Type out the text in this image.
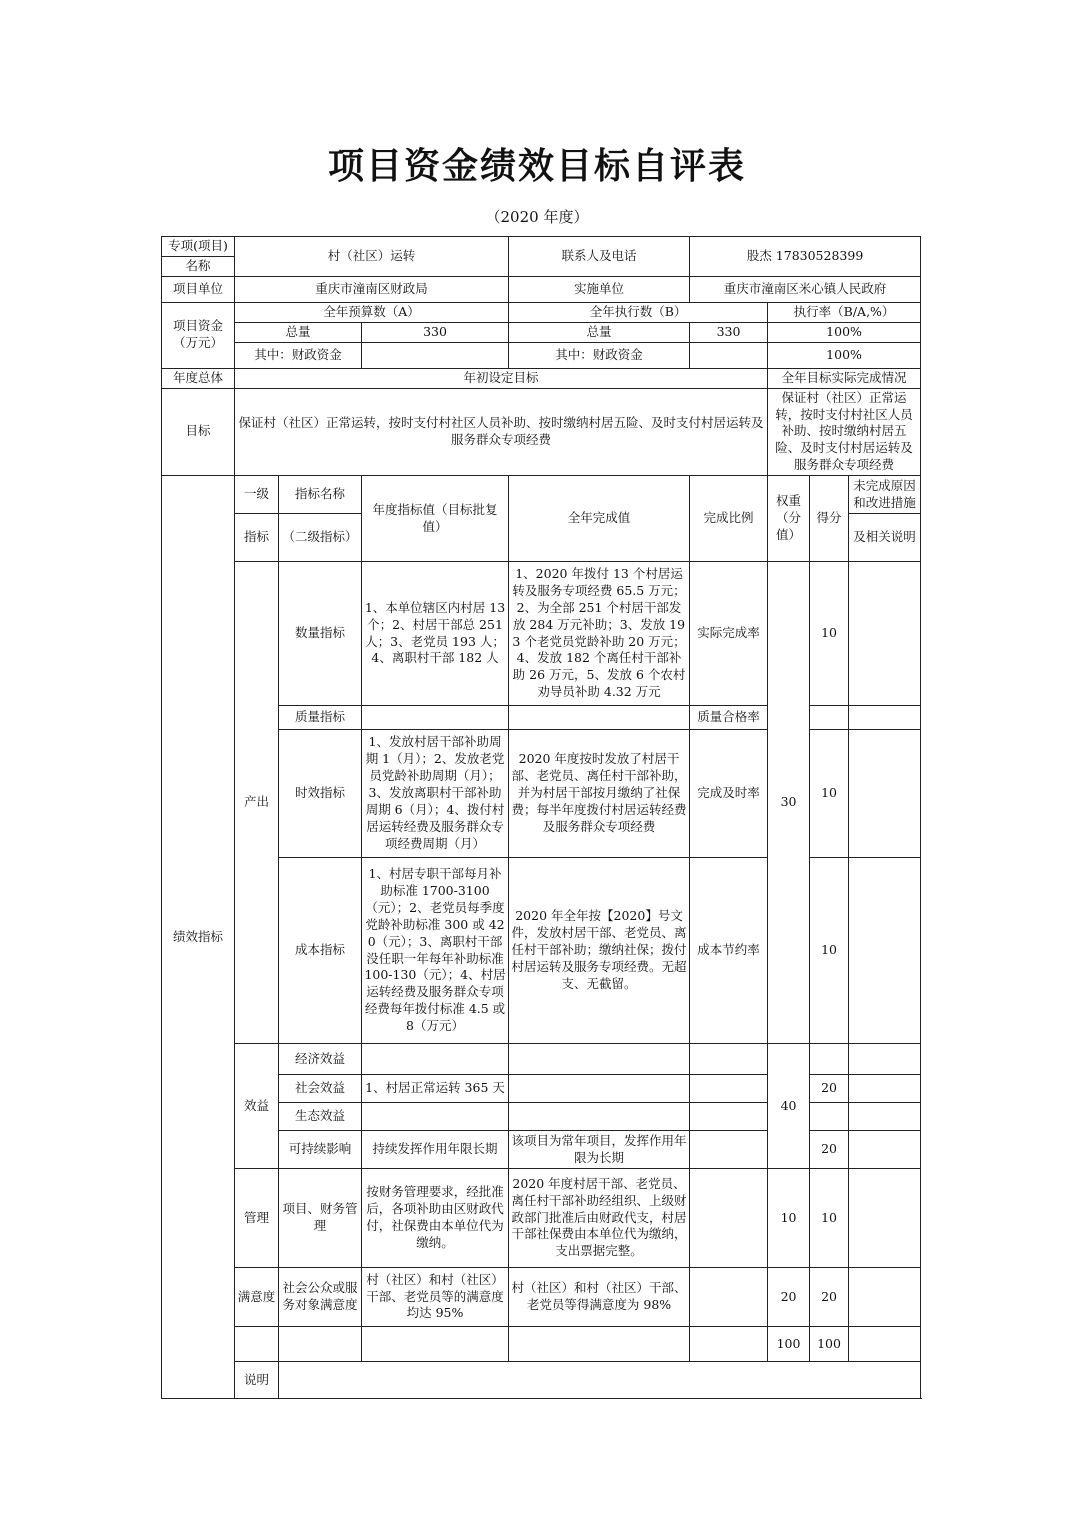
项目资金绩效目标自评表
（2020 年度）
专项(项目)	村（社区）运转			联系人及电话	股杰 17830528399			
名称								
项目单位	重庆市潼南区财政局			实施单位	重庆市潼南区米心镇人民政府			
项目资金
（万元）	全年预算数（A）			全年执行数（B）		执行率（B/A,%）		
	总量		330	总量	330	100%		
	其中：财政资金			其中：财政资金		100%		
年度总体	年初设定目标					全年目标实际完成情况		
目标	保证村（社区）正常运转，按时支付村社区人员补助、按时缴纳村居五险、及时支付村居运转及服务群众专项经费					保证村（社区）正常运转，按时支付村社区人员补助、按时缴纳村居五险、及时支付村居运转及服务群众专项经费		
绩效指标	一级	指标名称	年度指标值（目标批复值）	全年完成值	完成比例	权重（分值）	得分	未完成原因和改进措施
	指标	（二级指标）						及相关说明
	产出	数量指标	1、本单位辖区内村居 13 个；2、村居干部总 251 人；3、老党员 193 人；4、离职村干部 182 人	1、2020 年拨付 13 个村居运转及服务专项经费 65.5 万元；2、为全部 251 个村居干部发放 284 万元补助；3、发放 193 个老党员党龄补助 20 万元；4、发放 182 个离任村干部补助 26 万元，5、发放 6 个农村劝导员补助 4.32 万元	实际完成率	30	10	
		质量指标			质量合格率			
		时效指标	1、发放村居干部补助周期 1（月）；2、发放老党员党龄补助周期（月）；3、发放离职村干部补助周期 6（月）；4、拨付村居运转经费及服务群众专项经费周期（月）	2020 年度按时发放了村居干部、老党员、离任村干部补助，并为村居干部按月缴纳了社保费；每半年度拨付村居运转经费及服务群众专项经费	完成及时率		10	
		成本指标	1、村居专职干部每月补助标准 1700-3100（元）；2、老党员每季度党龄补助标准 300 或 420（元）；3、离职村干部没任职一年每年补助标准 100-130（元）；4、村居运转经费及服务群众专项经费每年拨付标准 4.5 或 8（万元）	2020 年全年按【2020】号文件，发放村居干部、老党员、离任村干部补助；缴纳社保；拨付村居运转及服务专项经费。无超支、无截留。	成本节约率		10	
	效益	经济效益				40		
		社会效益	1、村居正常运转 365 天				20	
		生态效益						
		可持续影响	持续发挥作用年限长期	该项目为常年项目，发挥作用年限为长期			20	
	管理	项目、财务管理	按财务管理要求，经批准后，各项补助由区财政代付，社保费由本单位代为缴纳。	2020 年度村居干部、老党员、离任村干部补助经组织、上级财政部门批准后由财政代支，村居干部社保费由本单位代为缴纳，支出票据完整。		10	10	
	满意度	社会公众或服务对象满意度	村（社区）和村（社区）干部、老党员等的满意度均达 95%	村（社区）和村（社区）干部、老党员等得满意度为 98%		20	20	
						100	100	
	说明							
